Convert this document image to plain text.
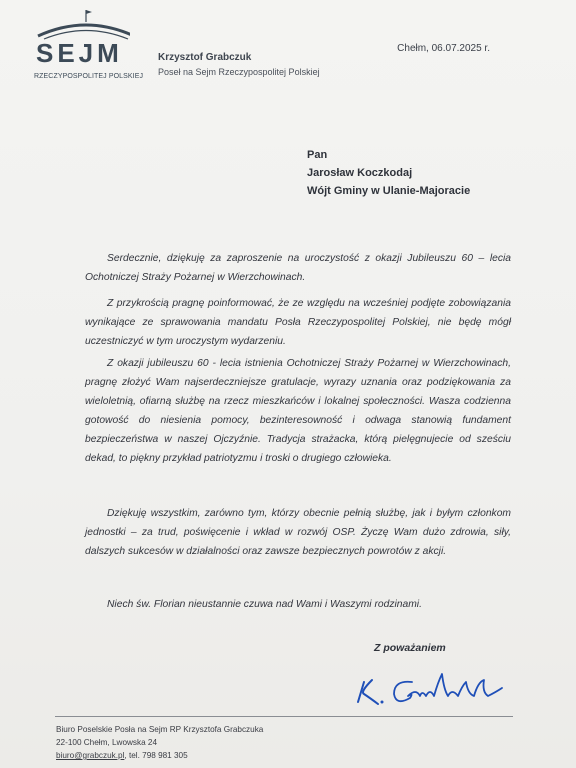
SEJM
RZECZYPOSPOLITEJ POLSKIEJ
Krzysztof Grabczuk
Poseł na Sejm Rzeczypospolitej Polskiej
Chełm, 06.07.2025 r.
Pan
Jarosław Koczkodaj
Wójt Gminy w Ulanie-Majoracie
Serdecznie, dziękuję za zaproszenie na uroczystość z okazji Jubileuszu 60 – lecia Ochotniczej Straży Pożarnej w Wierzchowinach.
Z przykrością pragnę poinformować, że ze względu na wcześniej podjęte zobowiązania wynikające ze sprawowania mandatu Posła Rzeczypospolitej Polskiej, nie będę mógł uczestniczyć w tym uroczystym wydarzeniu.
Z okazji jubileuszu 60 - lecia istnienia Ochotniczej Straży Pożarnej w Wierzchowinach, pragnę złożyć Wam najserdeczniejsze gratulacje, wyrazy uznania oraz podziękowania za wieloletnią, ofiarną służbę na rzecz mieszkańców i lokalnej społeczności. Wasza codzienna gotowość do niesienia pomocy, bezinteresowność i odwaga stanowią fundament bezpieczeństwa w naszej Ojczyźnie. Tradycja strażacka, którą pielęgnujecie od sześciu dekad, to piękny przykład patriotyzmu i troski o drugiego człowieka.
Dziękuję wszystkim, zarówno tym, którzy obecnie pełnią służbę, jak i byłym członkom jednostki – za trud, poświęcenie i wkład w rozwój OSP. Życzę Wam dużo zdrowia, siły, dalszych sukcesów w działalności oraz zawsze bezpiecznych powrotów z akcji.
Niech św. Florian nieustannie czuwa nad Wami i Waszymi rodzinami.
Z poważaniem
Biuro Poselskie Posła na Sejm RP Krzysztofa Grabczuka
22-100 Chełm, Lwowska 24
biuro@grabczuk.pl, tel. 798 981 305
